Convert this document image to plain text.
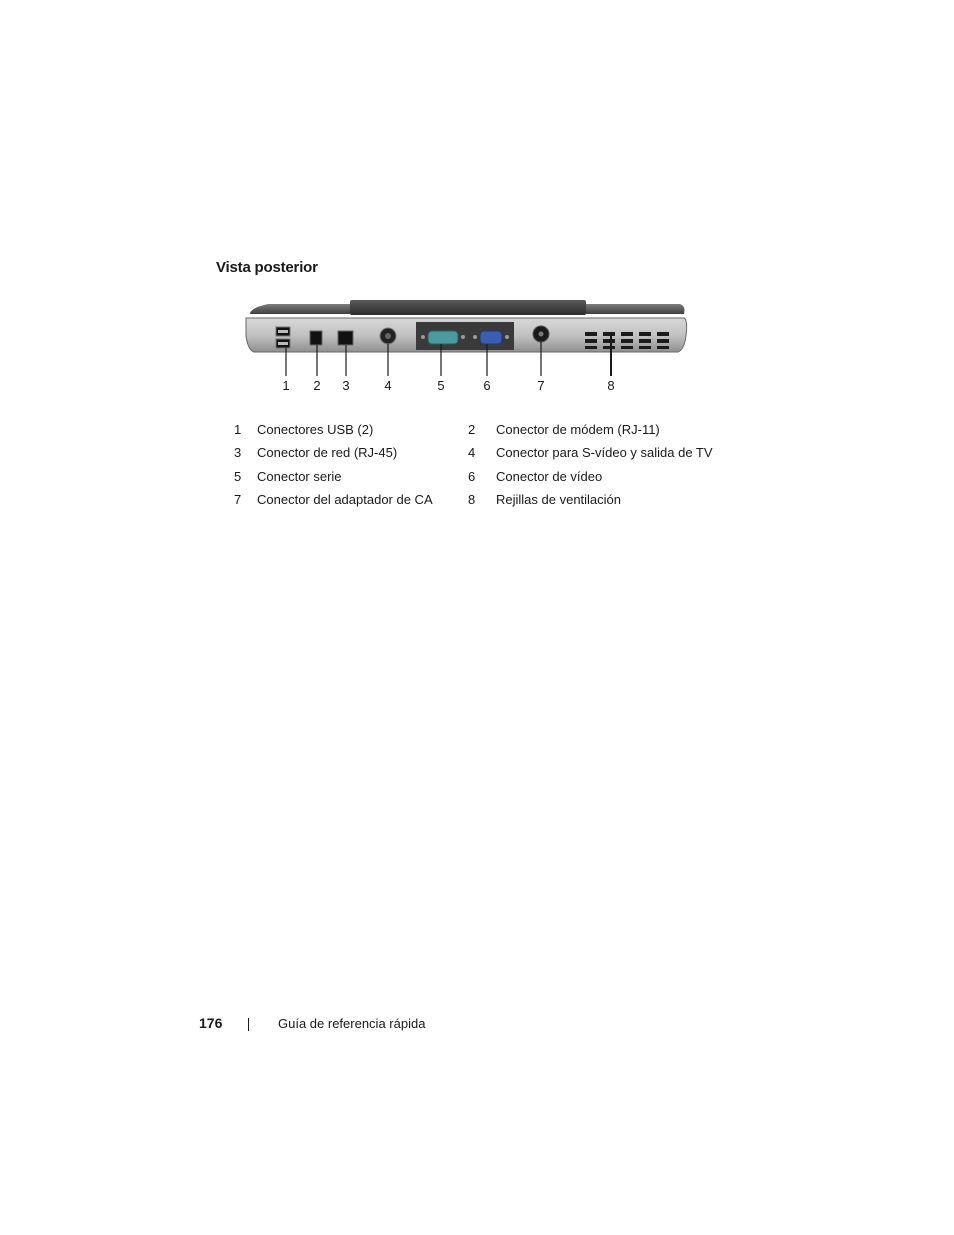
Vista posterior
1 2 3	4	5	6	7	8
1 Conectores USB (2)	2 Conector de módem (RJ-11)
3 Conector de red (RJ-45)	4 Conector para S-vídeo y salida de TV
5 Conector serie	6 Conector de vídeo
7 Conector del adaptador de CA	8 Rejillas de ventilación
176	Guía de referencia rápida
